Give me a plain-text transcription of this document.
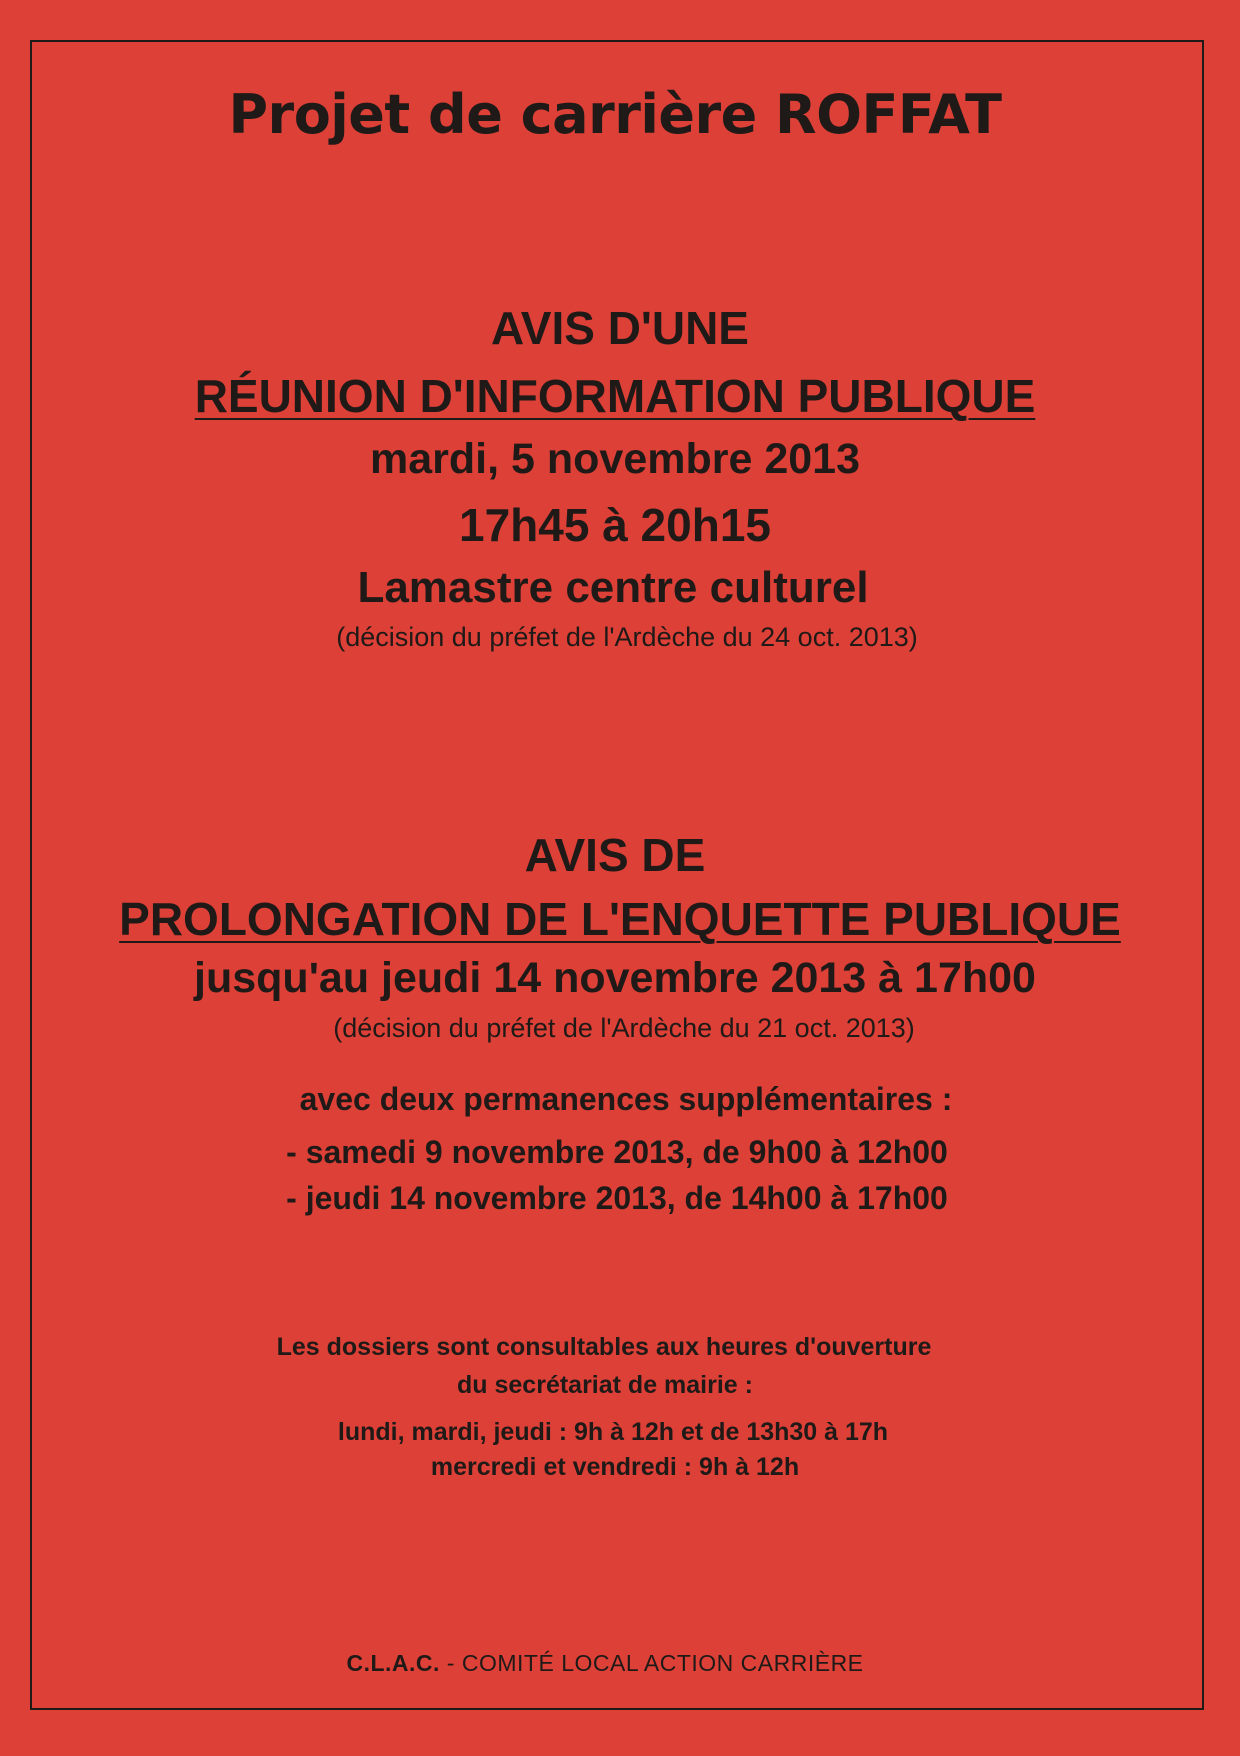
Projet de carrière ROFFAT
AVIS D'UNE
RÉUNION D'INFORMATION PUBLIQUE
mardi, 5 novembre 2013
17h45 à 20h15
Lamastre centre culturel
(décision du préfet de l'Ardèche du 24 oct. 2013)
AVIS DE
PROLONGATION DE L'ENQUETTE PUBLIQUE
jusqu'au jeudi 14 novembre 2013 à 17h00
(décision du préfet de l'Ardèche du 21 oct. 2013)
avec deux permanences supplémentaires :
- samedi 9 novembre 2013, de 9h00 à 12h00
- jeudi 14 novembre 2013, de 14h00 à 17h00
Les dossiers sont consultables aux heures d'ouverture
du secrétariat de mairie :
lundi, mardi, jeudi : 9h à 12h et de 13h30 à 17h
mercredi et vendredi : 9h à 12h
C.L.A.C. - COMITÉ LOCAL ACTION CARRIÈRE
